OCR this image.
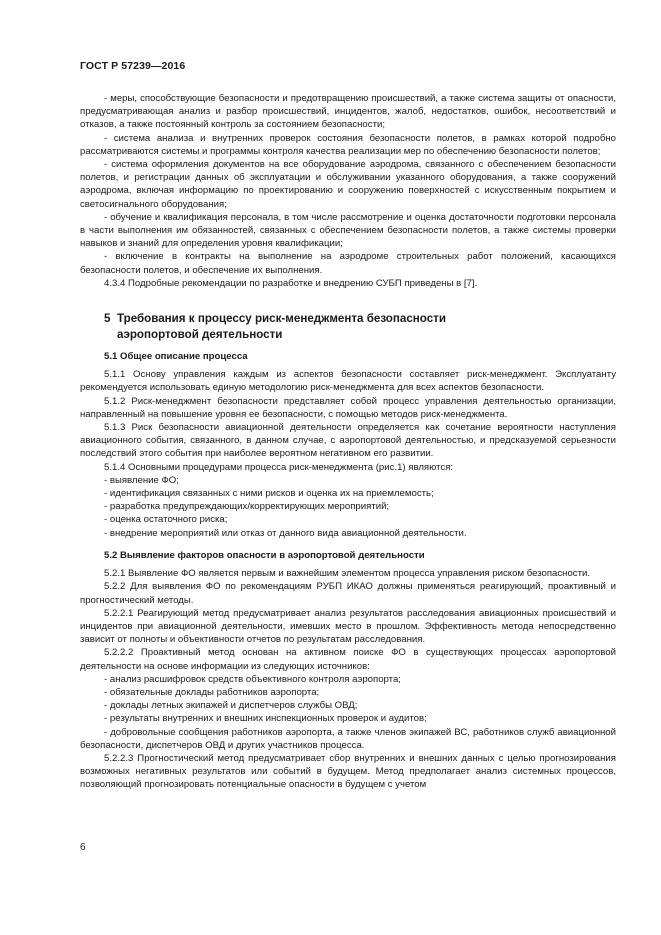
ГОСТ Р 57239—2016

- меры, способствующие безопасности и предотвращению происшествий, а также система защиты от опасности, предусматривающая анализ и разбор происшествий, инцидентов, жалоб, недостатков, ошибок, несоответствий и отказов, а также постоянный контроль за состоянием безопасности;

- система анализа и внутренних проверок состояния безопасности полетов, в рамках которой подробно рассматриваются системы и программы контроля качества реализации мер по обеспечению безопасности полетов;

- система оформления документов на все оборудование аэродрома, связанного с обеспечением безопасности полетов, и регистрации данных об эксплуатации и обслуживании указанного оборудования, а также сооружений аэродрома, включая информацию по проектированию и сооружению поверхностей с искусственным покрытием и светосигнального оборудования;

- обучение и квалификация персонала, в том числе рассмотрение и оценка достаточности подготовки персонала в части выполнения им обязанностей, связанных с обеспечением безопасности полетов, а также системы проверки навыков и знаний для определения уровня квалификации;

- включение в контракты на выполнение на аэродроме строительных работ положений, касающихся безопасности полетов, и обеспечение их выполнения.

4.3.4 Подробные рекомендации по разработке и внедрению СУБП приведены в [7].

5 Требования к процессу риск-менеджмента безопасности
аэропортовой деятельности
5.1 Общее описание процесса

5.1.1 Основу управления каждым из аспектов безопасности составляет риск-менеджмент. Эксплуатанту рекомендуется использовать единую методологию риск-менеджмента для всех аспектов безопасности.

5.1.2 Риск-менеджмент безопасности представляет собой процесс управления деятельностью организации, направленный на повышение уровня ее безопасности, с помощью методов риск-менеджмента.

5.1.3 Риск безопасности авиационной деятельности определяется как сочетание вероятности наступления авиационного события, связанного, в данном случае, с аэропортовой деятельностью, и предсказуемой серьезности последствий этого события при наиболее вероятном негативном его развитии.

5.1.4 Основными процедурами процесса риск-менеджмента (рис.1) являются:

- выявление ФО;

- идентификация связанных с ними рисков и оценка их на приемлемость;

- разработка предупреждающих/корректирующих мероприятий;

- оценка остаточного риска;

- внедрение мероприятий или отказ от данного вида авиационной деятельности.

5.2 Выявление факторов опасности в аэропортовой деятельности

5.2.1 Выявление ФО является первым и важнейшим элементом процесса управления риском безопасности.

5.2.2 Для выявления ФО по рекомендациям РУБП ИКАО должны применяться реагирующий, проактивный и прогностический методы.

5.2.2.1 Реагирующий метод предусматривает анализ результатов расследования авиационных происшествий и инцидентов при авиационной деятельности, имевших место в прошлом. Эффективность метода непосредственно зависит от полноты и объективности отчетов по результатам расследования.

5.2.2.2 Проактивный метод основан на активном поиске ФО в существующих процессах аэропортовой деятельности на основе информации из следующих источников:

- анализ расшифровок средств объективного контроля аэропорта;

- обязательные доклады работников аэропорта;

- доклады летных экипажей и диспетчеров службы ОВД;

- результаты внутренних и внешних инспекционных проверок и аудитов;

- добровольные сообщения работников аэропорта, а также членов экипажей ВС, работников служб авиационной безопасности, диспетчеров ОВД и других участников процесса.

5.2.2.3 Прогностический метод предусматривает сбор внутренних и внешних данных с целью прогнозирования возможных негативных результатов или событий в будущем. Метод предполагает анализ системных процессов, позволяющий прогнозировать потенциальные опасности в будущем с учетом

6
